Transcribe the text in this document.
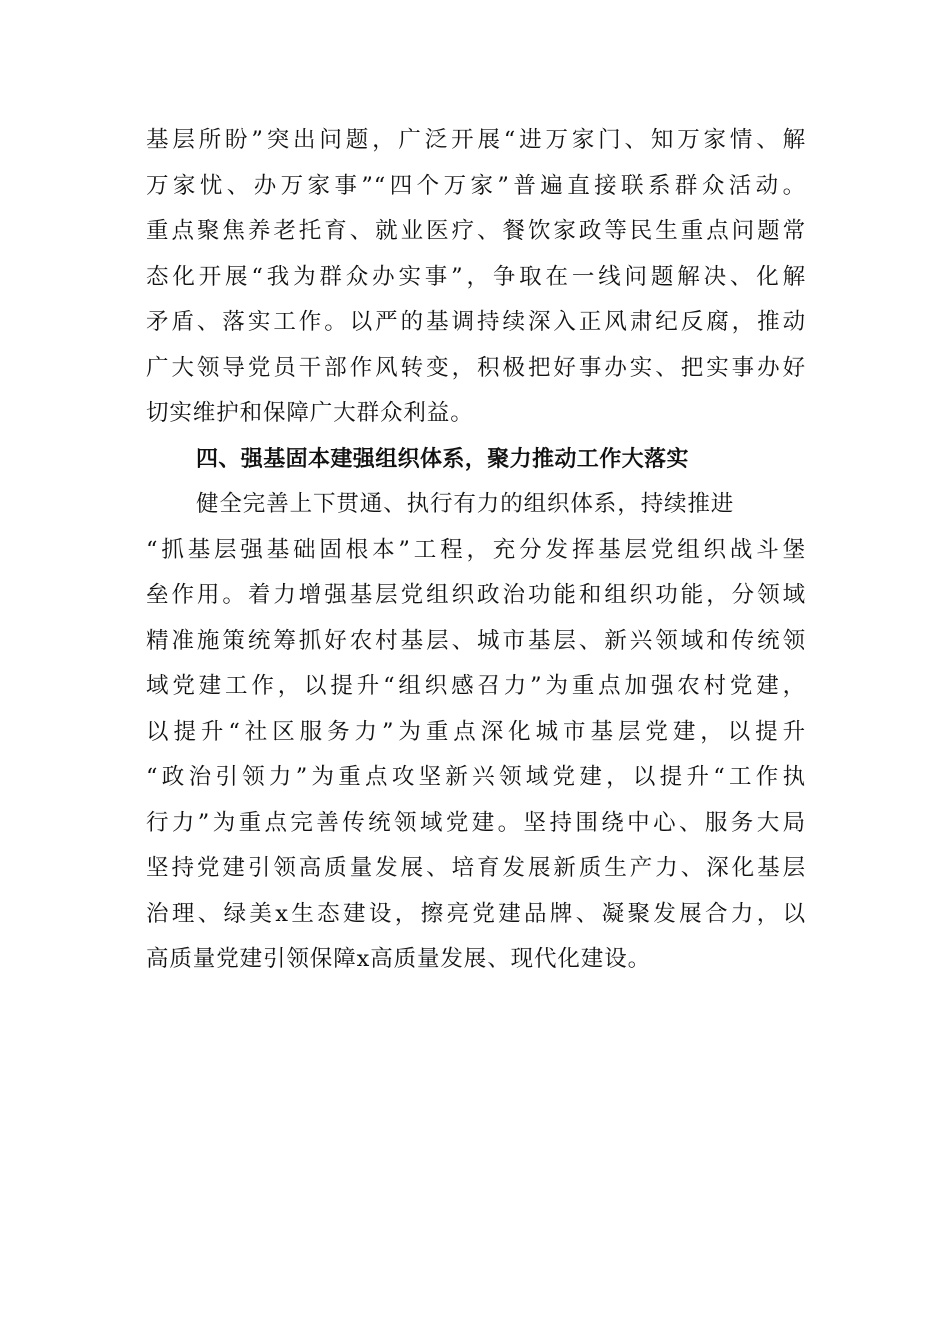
基层所盼”突出问题，广泛开展“进万家门、知万家情、解
万家忧、办万家事”“四个万家”普遍直接联系群众活动。
重点聚焦养老托育、就业医疗、餐饮家政等民生重点问题常
态化开展“我为群众办实事”，争取在一线问题解决、化解
矛盾、落实工作。以严的基调持续深入正风肃纪反腐，推动
广大领导党员干部作风转变，积极把好事办实、把实事办好
切实维护和保障广大群众利益。
四、强基固本建强组织体系，聚力推动工作大落实
健全完善上下贯通、执行有力的组织体系，持续推进
“抓基层强基础固根本”工程，充分发挥基层党组织战斗堡
垒作用。着力增强基层党组织政治功能和组织功能，分领域
精准施策统筹抓好农村基层、城市基层、新兴领域和传统领
域党建工作，以提升“组织感召力”为重点加强农村党建，
以提升“社区服务力”为重点深化城市基层党建，以提升
“政治引领力”为重点攻坚新兴领域党建，以提升“工作执
行力”为重点完善传统领域党建。坚持围绕中心、服务大局
坚持党建引领高质量发展、培育发展新质生产力、深化基层
治理、绿美x生态建设，擦亮党建品牌、凝聚发展合力，以
高质量党建引领保障x高质量发展、现代化建设。
